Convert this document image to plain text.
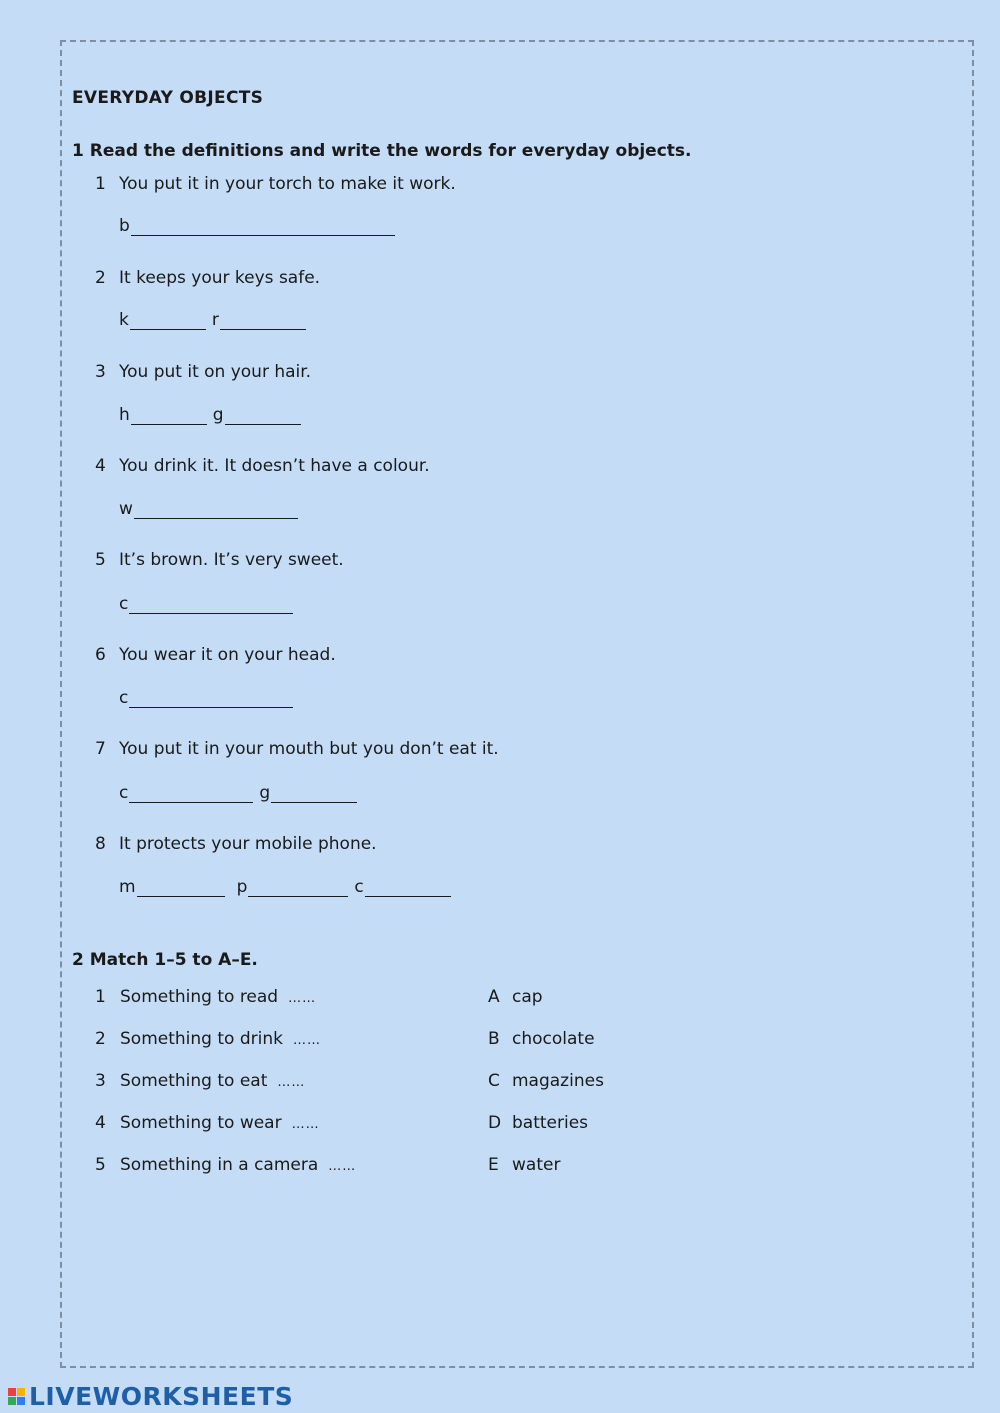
EVERYDAY OBJECTS
1 Read the definitions and write the words for everyday objects.
1 You put it in your torch to make it work.
b
2 It keeps your keys safe.
k	r
3 You put it on your hair.
h	g
4 You drink it. It doesn’t have a colour.
w
5 It’s brown. It’s very sweet.
c
6 You wear it on your head.
c
7 You put it in your mouth but you don’t eat it.
c	g
8 It protects your mobile phone.
m	p	c
2 Match 1–5 to A–E.
1 Something to read ……	A cap
2 Something to drink ……	B chocolate
3 Something to eat ……	C magazines
4 Something to wear ……	D batteries
5 Something in a camera ……	E water
LIVEWORKSHEETS
